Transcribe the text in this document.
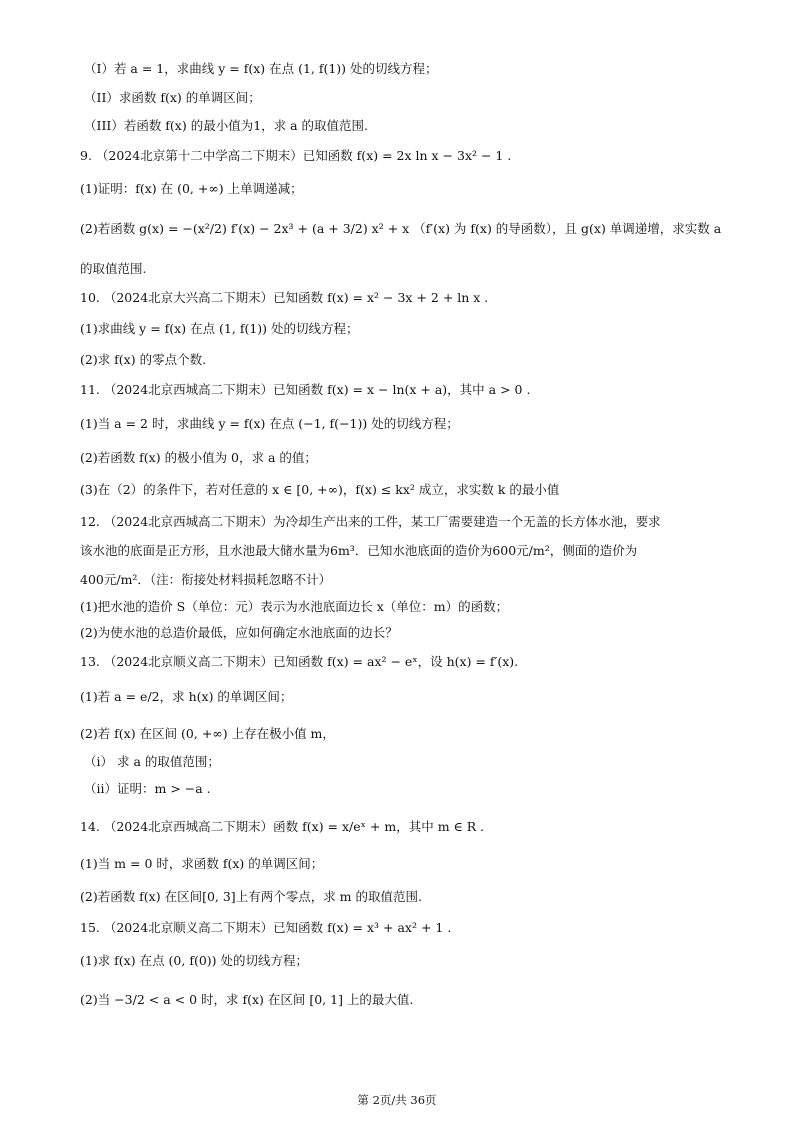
（I）若 a = 1，求曲线 y = f(x) 在点 (1, f(1)) 处的切线方程；
（II）求函数 f(x) 的单调区间；
（III）若函数 f(x) 的最小值为1，求 a 的取值范围.
9. （2024北京第十二中学高二下期末）已知函数 f(x) = 2x ln x − 3x² − 1 .
(1)证明：f(x) 在 (0, +∞) 上单调递减；
(2)若函数 g(x) = −(x²/2) f′(x) − 2x³ + (a + 3/2) x² + x （f′(x) 为 f(x) 的导函数），且 g(x) 单调递增，求实数 a
的取值范围.
10. （2024北京大兴高二下期末）已知函数 f(x) = x² − 3x + 2 + ln x .
(1)求曲线 y = f(x) 在点 (1, f(1)) 处的切线方程；
(2)求 f(x) 的零点个数.
11. （2024北京西城高二下期末）已知函数 f(x) = x − ln(x + a)，其中 a > 0 .
(1)当 a = 2 时，求曲线 y = f(x) 在点 (−1, f(−1)) 处的切线方程；
(2)若函数 f(x) 的极小值为 0，求 a 的值；
(3)在（2）的条件下，若对任意的 x ∈ [0, +∞)，f(x) ≤ kx² 成立，求实数 k 的最小值
12. （2024北京西城高二下期末）为冷却生产出来的工件，某工厂需要建造一个无盖的长方体水池，要求
该水池的底面是正方形，且水池最大储水量为6m³．已知水池底面的造价为600元/m²，侧面的造价为
400元/m²．（注：衔接处材料损耗忽略不计）
(1)把水池的造价 S（单位：元）表示为水池底面边长 x（单位：m）的函数；
(2)为使水池的总造价最低，应如何确定水池底面的边长？
13. （2024北京顺义高二下期末）已知函数 f(x) = ax² − eˣ，设 h(x) = f′(x).
(1)若 a = e/2，求 h(x) 的单调区间；
(2)若 f(x) 在区间 (0, +∞) 上存在极小值 m，
（i） 求 a 的取值范围；
（ii）证明：m > −a .
14. （2024北京西城高二下期末）函数 f(x) = x/eˣ + m，其中 m ∈ R .
(1)当 m = 0 时，求函数 f(x) 的单调区间；
(2)若函数 f(x) 在区间[0, 3]上有两个零点，求 m 的取值范围.
15. （2024北京顺义高二下期末）已知函数 f(x) = x³ + ax² + 1 .
(1)求 f(x) 在点 (0, f(0)) 处的切线方程；
(2)当 −3/2 < a < 0 时，求 f(x) 在区间 [0, 1] 上的最大值.
第 2页/共 36页
